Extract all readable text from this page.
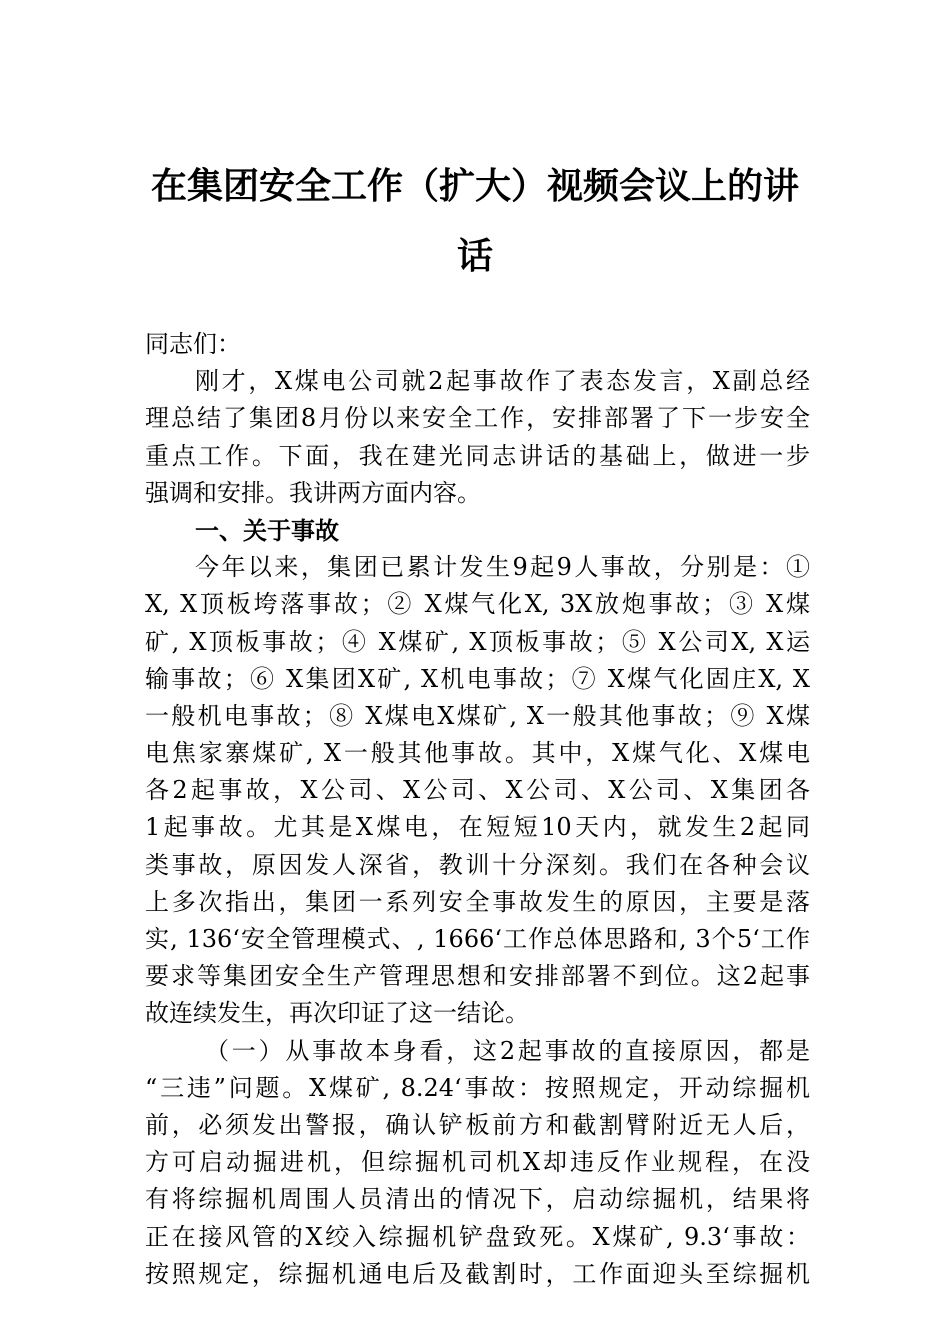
在集团安全工作（扩大）视频会议上的讲
话
同志们：
刚才，X煤电公司就2起事故作了表态发言，X副总经
理总结了集团8月份以来安全工作，安排部署了下一步安全
重点工作。下面，我在建光同志讲话的基础上，做进一步
强调和安排。我讲两方面内容。
一、关于事故
今年以来，集团已累计发生9起9人事故，分别是：①
X, X顶板垮落事故；② X煤气化X, 3X放炮事故；③ X煤
矿, X顶板事故；④ X煤矿, X顶板事故；⑤ X公司X, X运
输事故；⑥ X集团X矿, X机电事故；⑦ X煤气化固庄X, X
一般机电事故；⑧ X煤电X煤矿, X一般其他事故；⑨ X煤
电焦家寨煤矿, X一般其他事故。其中，X煤气化、X煤电
各2起事故，X公司、X公司、X公司、X公司、X集团各
1起事故。尤其是X煤电，在短短10天内，就发生2起同
类事故，原因发人深省，教训十分深刻。我们在各种会议
上多次指出，集团一系列安全事故发生的原因，主要是落
实, 136‘安全管理模式、, 1666‘工作总体思路和, 3个5‘工作
要求等集团安全生产管理思想和安排部署不到位。这2起事
故连续发生，再次印证了这一结论。
（一）从事故本身看，这2起事故的直接原因，都是
“三违”问题。X煤矿, 8.24‘事故：按照规定，开动综掘机
前，必须发出警报，确认铲板前方和截割臂附近无人后，
方可启动掘进机，但综掘机司机X却违反作业规程，在没
有将综掘机周围人员清出的情况下，启动综掘机，结果将
正在接风管的X绞入综掘机铲盘致死。X煤矿, 9.3‘事故：
按照规定，综掘机通电后及截割时，工作面迎头至综掘机
